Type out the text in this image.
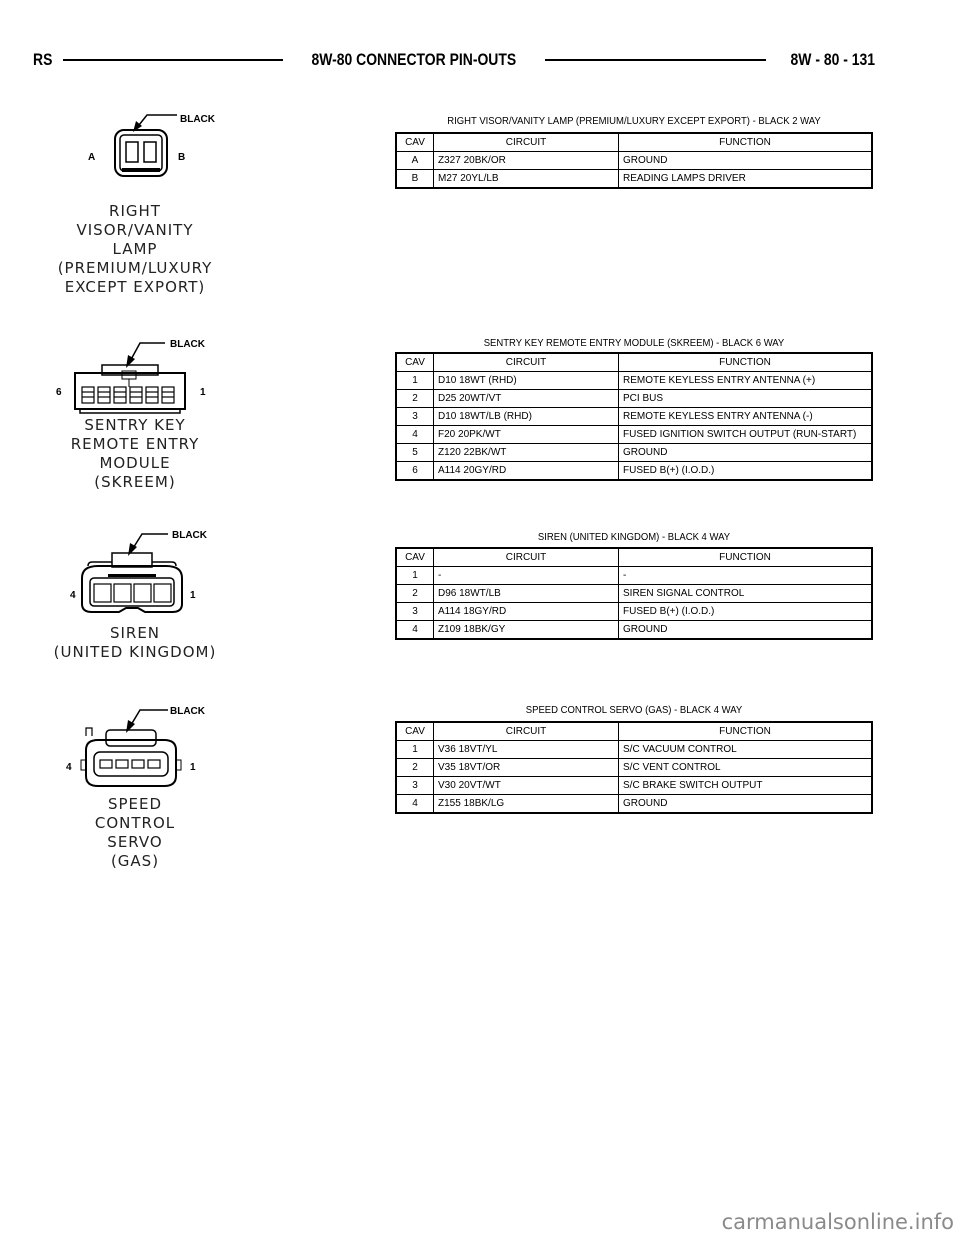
RS	8W-80 CONNECTOR PIN-OUTS	8W - 80 - 131
BLACK
A	B
RIGHT
VISOR/VANITY
LAMP
(PREMIUM/LUXURY
EXCEPT EXPORT)
RIGHT VISOR/VANITY LAMP (PREMIUM/LUXURY EXCEPT EXPORT) - BLACK 2 WAY
CAV	CIRCUIT	FUNCTION
A	Z327 20BK/OR	GROUND
B	M27 20YL/LB	READING LAMPS DRIVER
BLACK
6	1
SENTRY KEY
REMOTE ENTRY
MODULE
(SKREEM)
SENTRY KEY REMOTE ENTRY MODULE (SKREEM) - BLACK 6 WAY
CAV	CIRCUIT	FUNCTION
1	D10 18WT (RHD)	REMOTE KEYLESS ENTRY ANTENNA (+)
2	D25 20WT/VT	PCI BUS
3	D10 18WT/LB (RHD)	REMOTE KEYLESS ENTRY ANTENNA (-)
4	F20 20PK/WT	FUSED IGNITION SWITCH OUTPUT (RUN-START)
5	Z120 22BK/WT	GROUND
6	A114 20GY/RD	FUSED B(+) (I.O.D.)
BLACK
4	1
SIREN
(UNITED KINGDOM)
SIREN (UNITED KINGDOM) - BLACK 4 WAY
CAV	CIRCUIT	FUNCTION
1	-	-
2	D96 18WT/LB	SIREN SIGNAL CONTROL
3	A114 18GY/RD	FUSED B(+) (I.O.D.)
4	Z109 18BK/GY	GROUND
BLACK
4	1
SPEED
CONTROL
SERVO
(GAS)
SPEED CONTROL SERVO (GAS) - BLACK 4 WAY
CAV	CIRCUIT	FUNCTION
1	V36 18VT/YL	S/C VACUUM CONTROL
2	V35 18VT/OR	S/C VENT CONTROL
3	V30 20VT/WT	S/C BRAKE SWITCH OUTPUT
4	Z155 18BK/LG	GROUND
carmanualsonline.info
